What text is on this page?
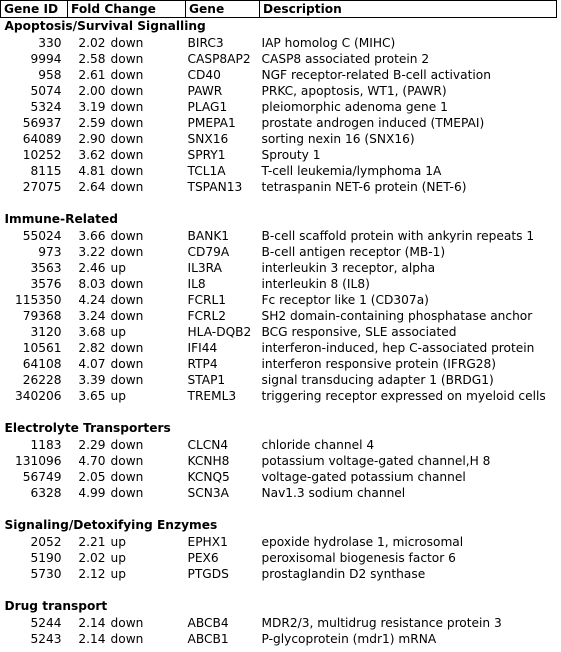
Gene ID	Fold Change	Gene	Description
Apoptosis/Survival Signalling			
330	2.02 down	BIRC3	IAP homolog C (MIHC)
9994	2.58 down	CASP8AP2	CASP8 associated protein 2
958	2.61 down	CD40	NGF receptor-related B-cell activation
5074	2.00 down	PAWR	PRKC, apoptosis, WT1, (PAWR)
5324	3.19 down	PLAG1	pleiomorphic adenoma gene 1
56937	2.59 down	PMEPA1	prostate androgen induced (TMEPAI)
64089	2.90 down	SNX16	sorting nexin 16 (SNX16)
10252	3.62 down	SPRY1	Sprouty 1
8115	4.81 down	TCL1A	T-cell leukemia/lymphoma 1A
27075	2.64 down	TSPAN13	tetraspanin NET-6 protein (NET-6)

Immune-Related			
55024	3.66 down	BANK1	B-cell scaffold protein with ankyrin repeats 1
973	3.22 down	CD79A	B-cell antigen receptor (MB-1)
3563	2.46 up	IL3RA	interleukin 3 receptor, alpha
3576	8.03 down	IL8	interleukin 8 (IL8)
115350	4.24 down	FCRL1	Fc receptor like 1 (CD307a)
79368	3.24 down	FCRL2	SH2 domain-containing phosphatase anchor
3120	3.68 up	HLA-DQB2	BCG responsive, SLE associated
10561	2.82 down	IFI44	interferon-induced, hep C-associated protein
64108	4.07 down	RTP4	interferon responsive protein (IFRG28)
26228	3.39 down	STAP1	signal transducing adapter 1 (BRDG1)
340206	3.65 up	TREML3	triggering receptor expressed on myeloid cells

Electrolyte Transporters			
1183	2.29 down	CLCN4	chloride channel 4
131096	4.70 down	KCNH8	potassium voltage-gated channel,H 8
56749	2.05 down	KCNQ5	voltage-gated potassium channel
6328	4.99 down	SCN3A	Nav1.3 sodium channel

Signaling/Detoxifying Enzymes			
2052	2.21 up	EPHX1	epoxide hydrolase 1, microsomal
5190	2.02 up	PEX6	peroxisomal biogenesis factor 6
5730	2.12 up	PTGDS	prostaglandin D2 synthase

Drug transport			
5244	2.14 down	ABCB4	MDR2/3, multidrug resistance protein 3
5243	2.14 down	ABCB1	P-glycoprotein (mdr1) mRNA
